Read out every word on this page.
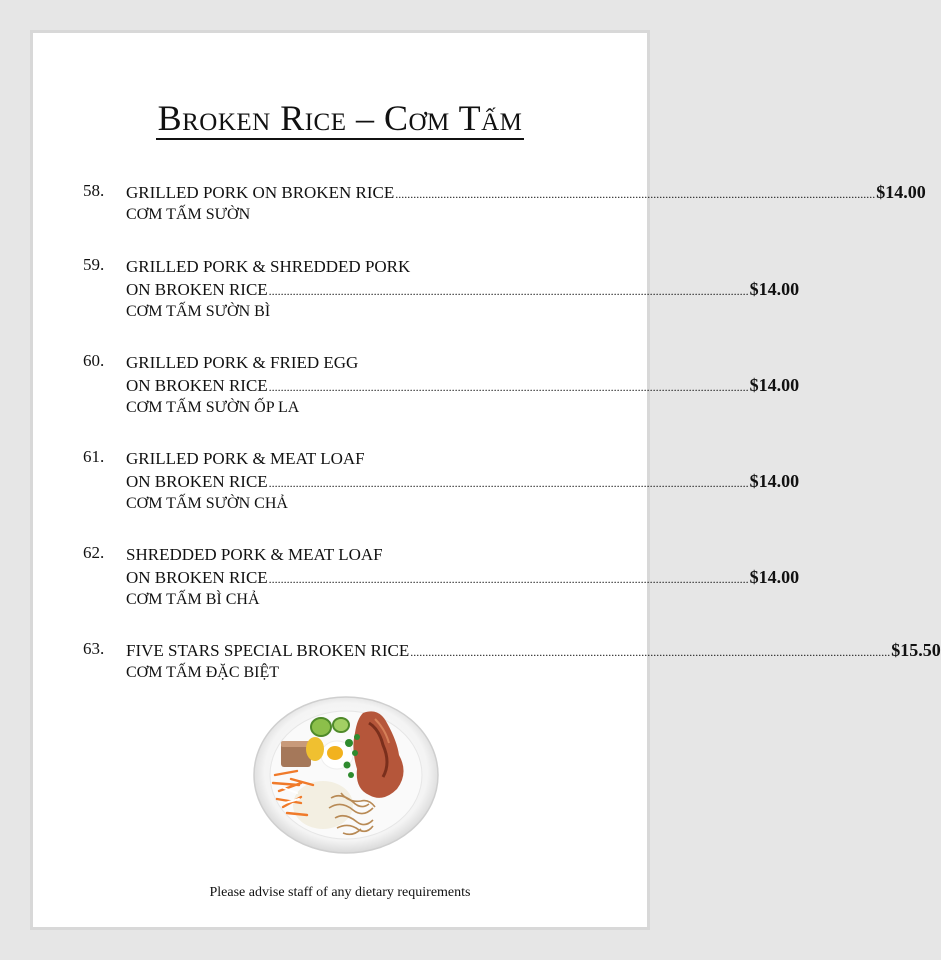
Broken Rice – Cơm Tấm
58. GRILLED PORK ON BROKEN RICE ................................................................................................................................................................ $14.00
CƠM TẤM SƯỜN
59. GRILLED PORK & SHREDDED PORK
ON BROKEN RICE ................................................................................................................................................................ $14.00
CƠM TẤM SƯỜN BÌ
60. GRILLED PORK & FRIED EGG
ON BROKEN RICE ................................................................................................................................................................ $14.00
CƠM TẤM SƯỜN ỐP LA
61. GRILLED PORK & MEAT LOAF
ON BROKEN RICE ................................................................................................................................................................ $14.00
CƠM TẤM SƯỜN CHẢ
62. SHREDDED PORK & MEAT LOAF
ON BROKEN RICE ................................................................................................................................................................ $14.00
CƠM TẤM BÌ CHẢ
63. FIVE STARS SPECIAL BROKEN RICE ................................................................................................................................................................ $15.50
CƠM TẤM ĐẶC BIỆT
Please advise staff of any dietary requirements
